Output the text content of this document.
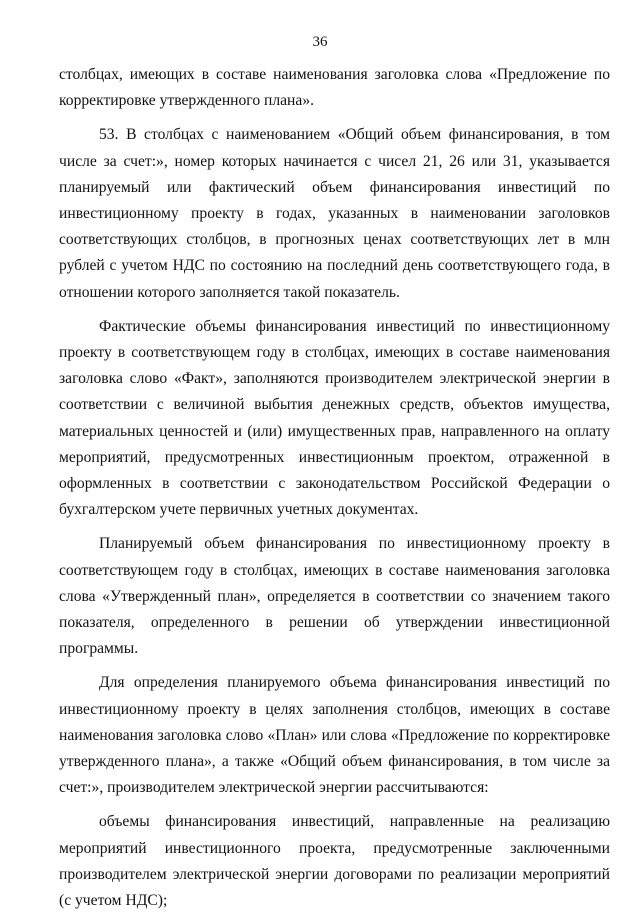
36

столбцах, имеющих в составе наименования заголовка слова «Предложение по корректировке утвержденного плана».

53. В столбцах с наименованием «Общий объем финансирования, в том числе за счет:», номер которых начинается с чисел 21, 26 или 31, указывается планируемый или фактический объем финансирования инвестиций по инвестиционному проекту в годах, указанных в наименовании заголовков соответствующих столбцов, в прогнозных ценах соответствующих лет в млн рублей с учетом НДС по состоянию на последний день соответствующего года, в отношении которого заполняется такой показатель.

Фактические объемы финансирования инвестиций по инвестиционному проекту в соответствующем году в столбцах, имеющих в составе наименования заголовка слово «Факт», заполняются производителем электрической энергии в соответствии с величиной выбытия денежных средств, объектов имущества, материальных ценностей и (или) имущественных прав, направленного на оплату мероприятий, предусмотренных инвестиционным проектом, отраженной в оформленных в соответствии с законодательством Российской Федерации о бухгалтерском учете первичных учетных документах.

Планируемый объем финансирования по инвестиционному проекту в соответствующем году в столбцах, имеющих в составе наименования заголовка слова «Утвержденный план», определяется в соответствии со значением такого показателя, определенного в решении об утверждении инвестиционной программы.

Для определения планируемого объема финансирования инвестиций по инвестиционному проекту в целях заполнения столбцов, имеющих в составе наименования заголовка слово «План» или слова «Предложение по корректировке утвержденного плана», а также «Общий объем финансирования, в том числе за счет:», производителем электрической энергии рассчитываются:

объемы финансирования инвестиций, направленные на реализацию мероприятий инвестиционного проекта, предусмотренные заключенными производителем электрической энергии договорами по реализации мероприятий (с учетом НДС);
